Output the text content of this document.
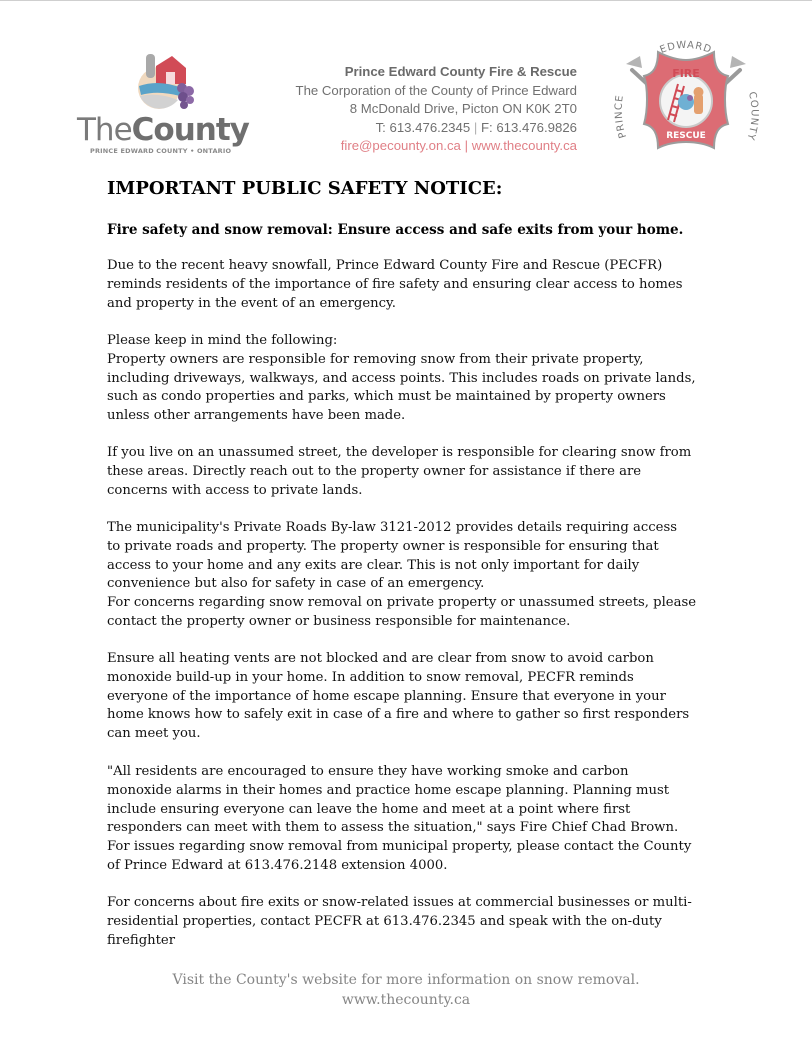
TheCounty
PRINCE EDWARD COUNTY • ONTARIO
Prince Edward County Fire & Rescue
The Corporation of the County of Prince Edward
8 McDonald Drive, Picton ON K0K 2T0
T: 613.476.2345 | F: 613.476.9826
fire@pecounty.on.ca | www.thecounty.ca
FIRE
RESCUE
EDWARD
PRINCE	COUNTY
IMPORTANT PUBLIC SAFETY NOTICE:

Fire safety and snow removal: Ensure access and safe exits from your home.

Due to the recent heavy snowfall, Prince Edward County Fire and Rescue (PECFR)
reminds residents of the importance of fire safety and ensuring clear access to homes
and property in the event of an emergency.
Please keep in mind the following:
Property owners are responsible for removing snow from their private property,
including driveways, walkways, and access points. This includes roads on private lands,
such as condo properties and parks, which must be maintained by property owners
unless other arrangements have been made.
If you live on an unassumed street, the developer is responsible for clearing snow from
these areas. Directly reach out to the property owner for assistance if there are
concerns with access to private lands.
The municipality's Private Roads By-law 3121-2012 provides details requiring access
to private roads and property. The property owner is responsible for ensuring that
access to your home and any exits are clear. This is not only important for daily
convenience but also for safety in case of an emergency.
For concerns regarding snow removal on private property or unassumed streets, please
contact the property owner or business responsible for maintenance.
Ensure all heating vents are not blocked and are clear from snow to avoid carbon
monoxide build-up in your home. In addition to snow removal, PECFR reminds
everyone of the importance of home escape planning. Ensure that everyone in your
home knows how to safely exit in case of a fire and where to gather so first responders
can meet you.
"All residents are encouraged to ensure they have working smoke and carbon
monoxide alarms in their homes and practice home escape planning. Planning must
include ensuring everyone can leave the home and meet at a point where first
responders can meet with them to assess the situation," says Fire Chief Chad Brown.
For issues regarding snow removal from municipal property, please contact the County
of Prince Edward at 613.476.2148 extension 4000.
For concerns about fire exits or snow-related issues at commercial businesses or multi-
residential properties, contact PECFR at 613.476.2345 and speak with the on-duty
firefighter
Visit the County's website for more information on snow removal.
www.thecounty.ca
